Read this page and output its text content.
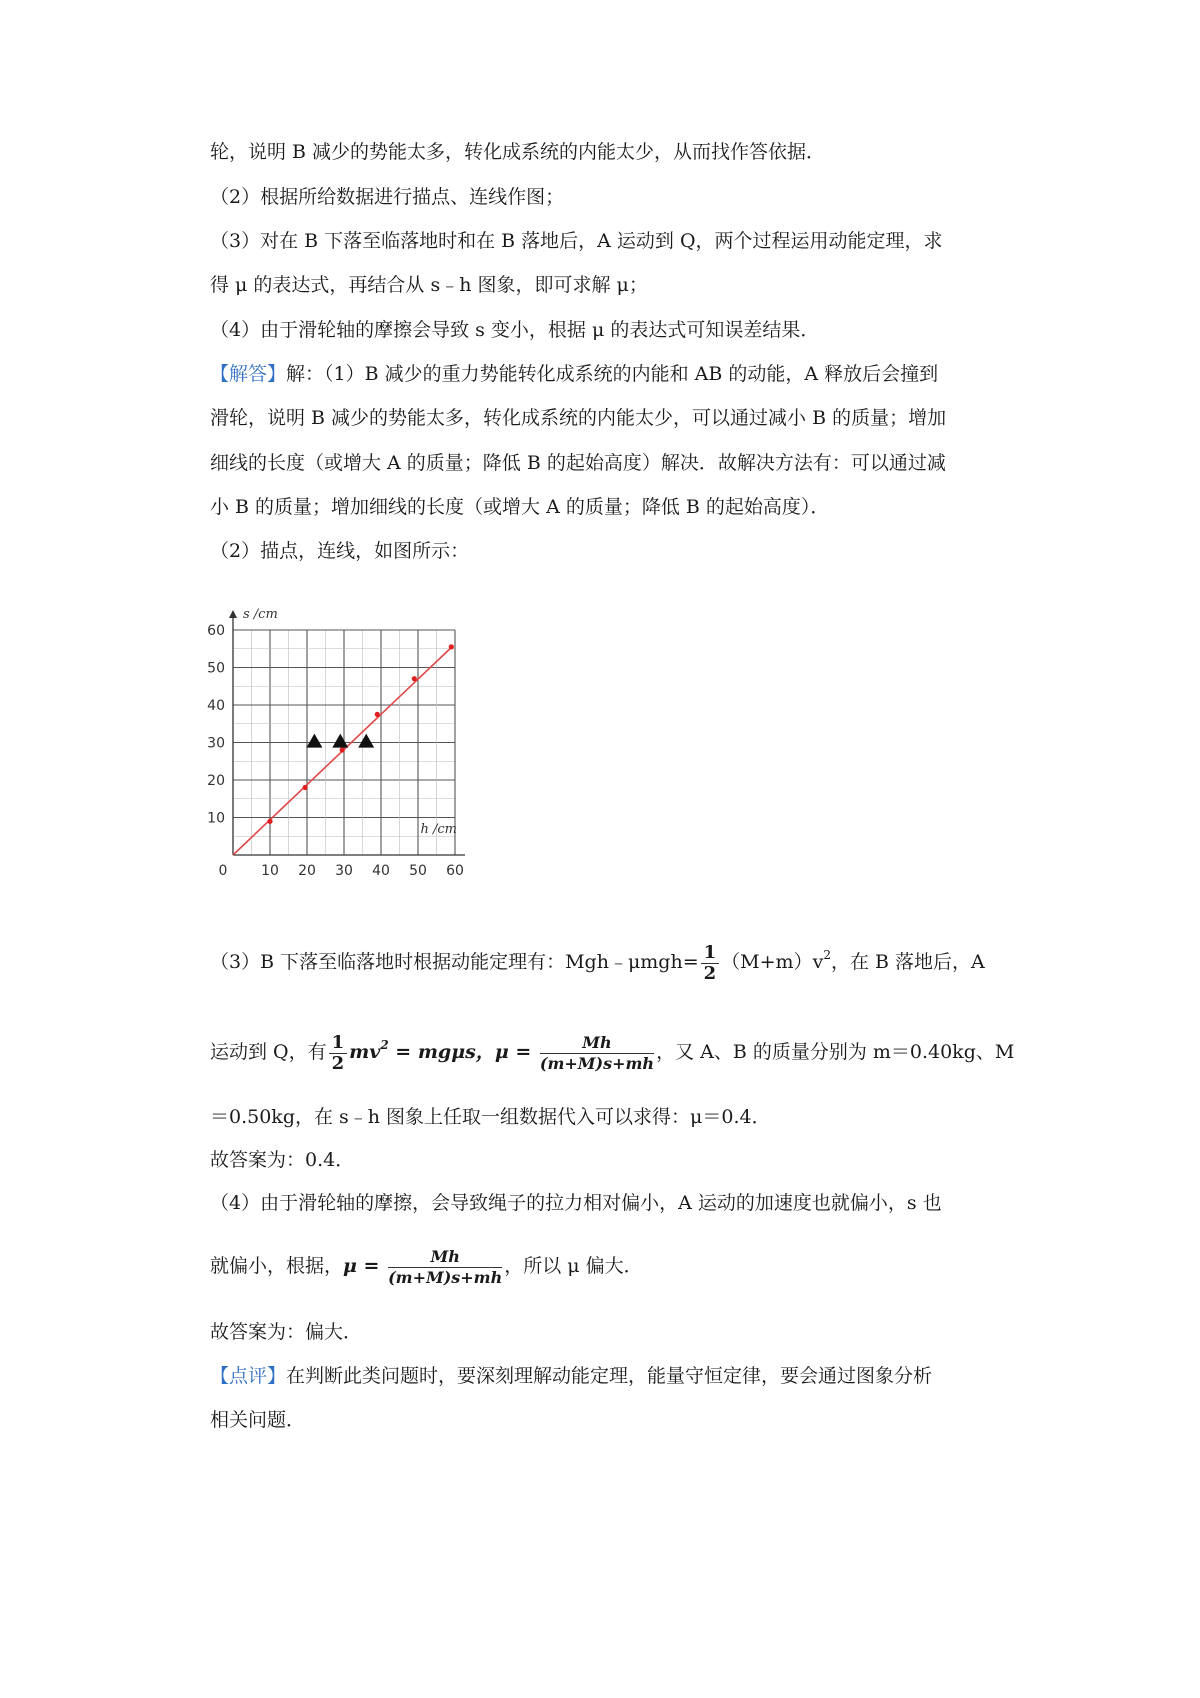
轮，说明 B 减少的势能太多，转化成系统的内能太少，从而找作答依据．
（2）根据所给数据进行描点、连线作图；
（3）对在 B 下落至临落地时和在 B 落地后，A 运动到 Q，两个过程运用动能定理，求
得 μ 的表达式，再结合从 s﹣h 图象，即可求解 μ；
（4）由于滑轮轴的摩擦会导致 s 变小，根据 μ 的表达式可知误差结果．
【解答】解：（1）B 减少的重力势能转化成系统的内能和 AB 的动能，A 释放后会撞到
滑轮，说明 B 减少的势能太多，转化成系统的内能太少，可以通过减小 B 的质量；增加
细线的长度（或增大 A 的质量；降低 B 的起始高度）解决．故解决方法有：可以通过减
小 B 的质量；增加细线的长度（或增大 A 的质量；降低 B 的起始高度）．
（2）描点，连线，如图所示：
10
20
30
40
50
60
0 10 20 30 40 50 60
s /cm
h /cm
（3）B 下落至临落地时根据动能定理有：Mgh﹣μmgh= $\frac{1}{2} (M+m)v^2$，在 B 落地后，A
运动到 Q，有 $\frac{1}{2} mv^2 = mg\mu s$，$\mu = \frac{Mh}{(m+M)s+mh}$ ，又 A、B 的质量分别为 m＝0.40kg、M
＝0.50kg，在 s﹣h 图象上任取一组数据代入可以求得：μ＝0.4．
故答案为：0.4．
（4）由于滑轮轴的摩擦，会导致绳子的拉力相对偏小，A 运动的加速度也就偏小，s 也
就偏小，根据，$\mu = \frac{Mh}{(m+M)s+mh}$ ，所以 μ 偏大．
故答案为：偏大．
【点评】在判断此类问题时，要深刻理解动能定理，能量守恒定律，要会通过图象分析
相关问题．
